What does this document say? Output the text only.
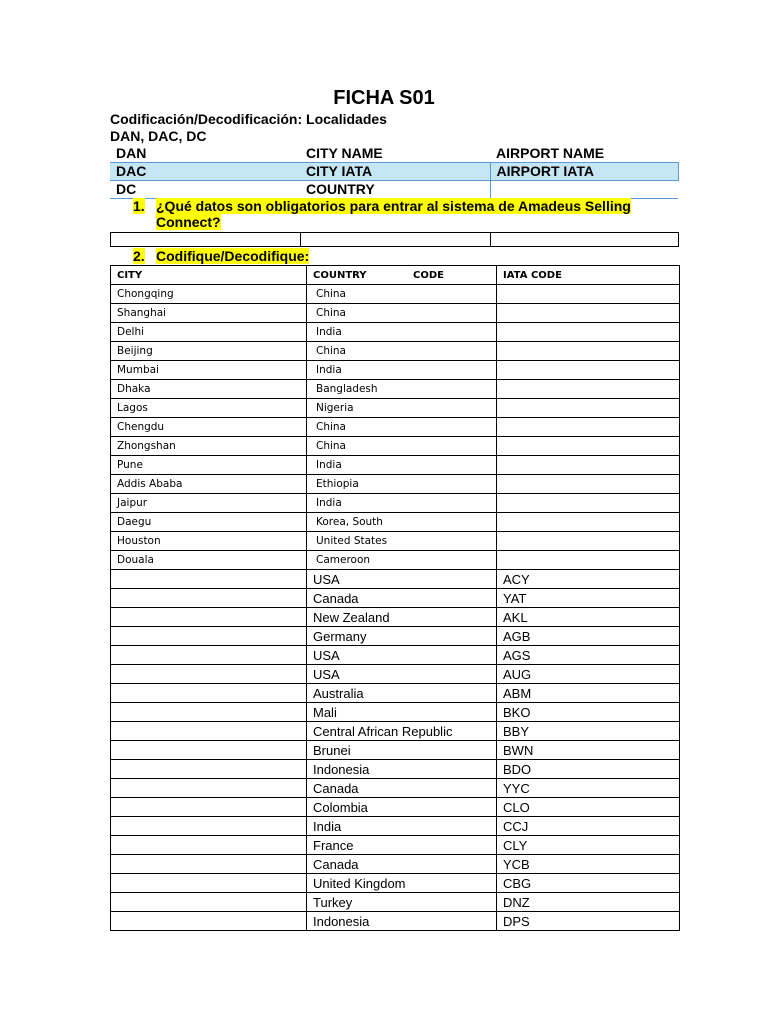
FICHA S01
Codificación/Decodificación: Localidades
DAN, DAC, DC
DAN	CITY NAME	AIRPORT NAME
DAC	CITY IATA	AIRPORT IATA
DC	COUNTRY	
1. ¿Qué datos son obligatorios para entrar al sistema de Amadeus Selling
Connect?

2. Codifique/Decodifique:
CITY	COUNTRY CODE	IATA CODE
Chongqing	China	
Shanghai	China	
Delhi	India	
Beijing	China	
Mumbai	India	
Dhaka	Bangladesh	
Lagos	Nigeria	
Chengdu	China	
Zhongshan	China	
Pune	India	
Addis Ababa	Ethiopia	
Jaipur	India	
Daegu	Korea, South	
Houston	United States	
Douala	Cameroon	
	USA	ACY
	Canada	YAT
	New Zealand	AKL
	Germany	AGB
	USA	AGS
	USA	AUG
	Australia	ABM
	Mali	BKO
	Central African Republic	BBY
	Brunei	BWN
	Indonesia	BDO
	Canada	YYC
	Colombia	CLO
	India	CCJ
	France	CLY
	Canada	YCB
	United Kingdom	CBG
	Turkey	DNZ
	Indonesia	DPS
